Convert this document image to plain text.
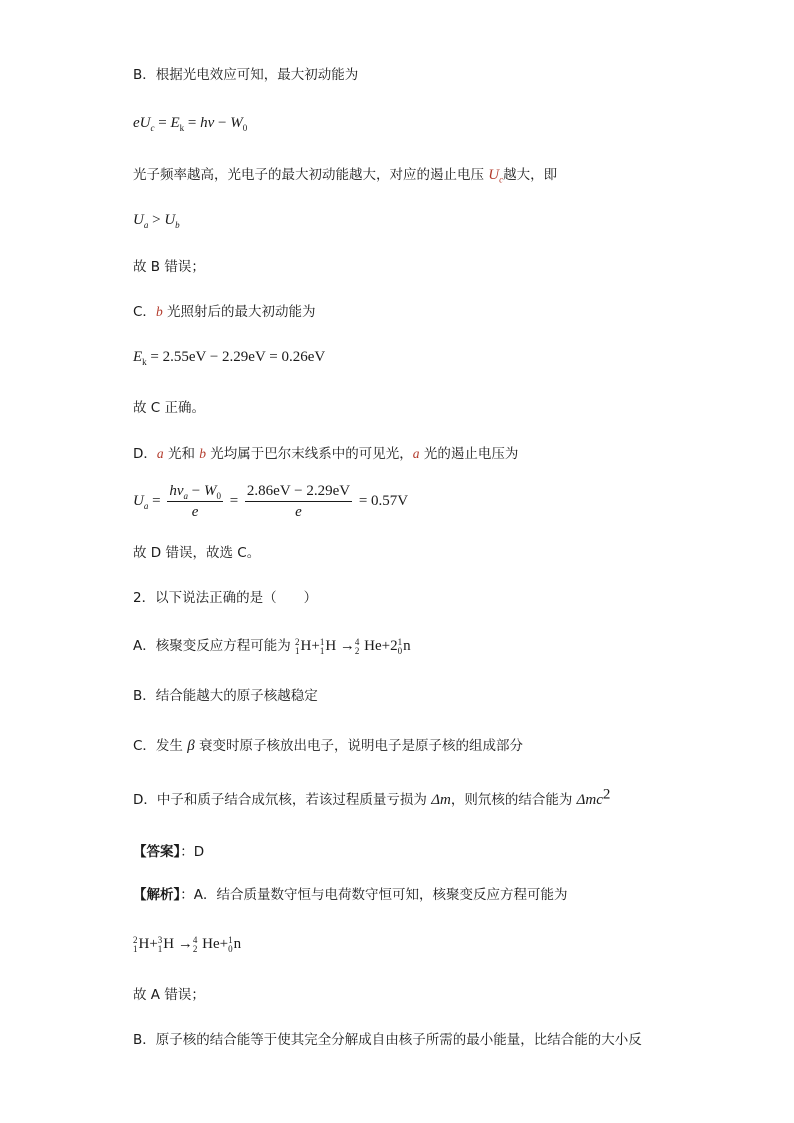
B．根据光电效应可知，最大初动能为
$eU_c = E_k = h\nu - W_0$
光子频率越高，光电子的最大初动能越大，对应的遏止电压 $U_c$越大，即
$U_a > U_b$
故 B 错误；
C．b 光照射后的最大初动能为
$E_k = 2.55eV - 2.29eV = 0.26eV$
故 C 正确。
D．a 光和 b 光均属于巴尔末线系中的可见光，a 光的遏止电压为
$U_a = \frac{h\nu_a - W_0}{e} = \frac{2.86eV - 2.29eV}{e} = 0.57V$
故 D 错误，故选 C。
2．以下说法正确的是（　　）
A．核聚变反应方程可能为 2
1 H+ 1
1 H → 4
2 He+2 1
0 n
B．结合能越大的原子核越稳定
C．发生 β 衰变时原子核放出电子，说明电子是原子核的组成部分
D．中子和质子结合成氘核，若该过程质量亏损为 Δm，则氘核的结合能为 Δmc$^2$
【答案】：D
【解析】：A．结合质量数守恒与电荷数守恒可知，核聚变反应方程可能为
2
1 H+ 3
1 H → 4
2 He+ 1
0 n
故 A 错误；
B．原子核的结合能等于使其完全分解成自由核子所需的最小能量，比结合能的大小反
